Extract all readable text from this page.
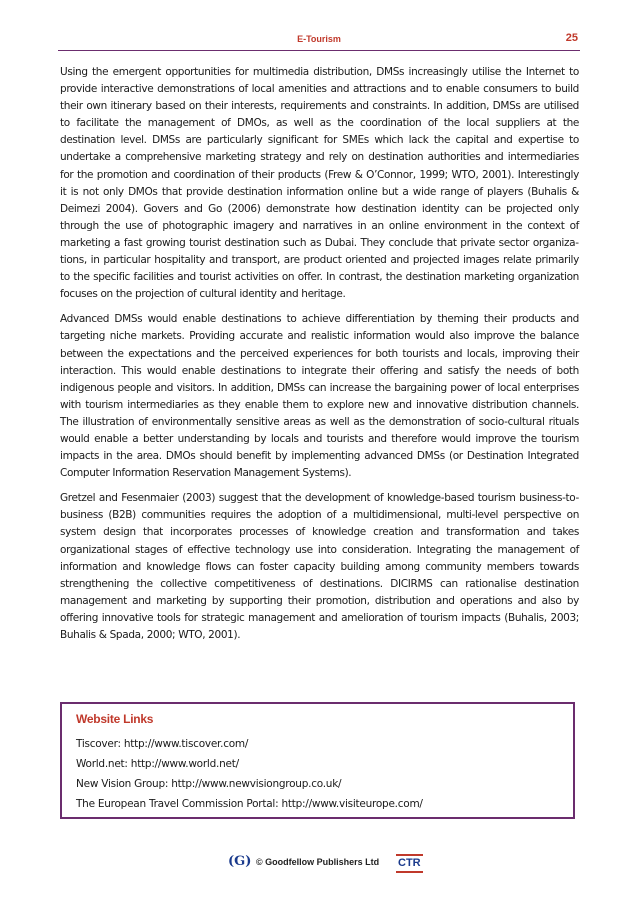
E-Tourism	25

Using the emergent opportunities for multimedia distribution, DMSs increasingly utilise the Internet to provide interactive demonstrations of local amenities and attractions and to enable consumers to build their own itinerary based on their interests, requirements and constraints. In addition, DMSs are utilised to facilitate the management of DMOs, as well as the coordination of the local suppliers at the destination level. DMSs are particularly significant for SMEs which lack the capital and expertise to undertake a comprehensive marketing strategy and rely on destination authorities and intermediaries for the promotion and coordination of their products (Frew & O’Connor, 1999; WTO, 2001). Interestingly it is not only DMOs that provide destination information online but a wide range of players (Buhalis & Deimezi 2004). Govers and Go (2006) demonstrate how destination identity can be projected only through the use of photographic imagery and narratives in an online environment in the context of marketing a fast growing tourist destination such as Dubai. They conclude that private sector organizations, in particular hospitality and transport, are product oriented and projected images relate primarily to the specific facilities and tourist activities on offer. In contrast, the destination marketing organization focuses on the projection of cultural identity and heritage.

Advanced DMSs would enable destinations to achieve differentiation by theming their products and targeting niche markets. Providing accurate and realistic information would also improve the balance between the expectations and the perceived experiences for both tourists and locals, improving their interaction. This would enable destinations to integrate their offering and satisfy the needs of both indigenous people and visitors. In addition, DMSs can increase the bargaining power of local enterprises with tourism intermediaries as they enable them to explore new and innovative distribution channels. The illustration of environmentally sensitive areas as well as the demonstration of socio-cultural rituals would enable a better understanding by locals and tourists and therefore would improve the tourism impacts in the area. DMOs should benefit by implementing advanced DMSs (or Destination Integrated Computer Information Reservation Management Systems).

Gretzel and Fesenmaier (2003) suggest that the development of knowledge-based tourism business-to-business (B2B) communities requires the adoption of a multidimensional, multi-level perspective on system design that incorporates processes of knowledge creation and transformation and takes organizational stages of effective technology use into consideration. Integrating the management of information and knowledge flows can foster capacity building among community members towards strengthening the collective competitiveness of destinations. DICIRMS can rationalise destination management and marketing by supporting their promotion, distribution and operations and also by offering innovative tools for strategic management and amelioration of tourism impacts (Buhalis, 2003; Buhalis & Spada, 2000; WTO, 2001).

Website Links

Tiscover: http://www.tiscover.com/

World.net: http://www.world.net/

New Vision Group: http://www.newvisiongroup.co.uk/

The European Travel Commission Portal: http://www.visiteurope.com/

(G) © Goodfellow Publishers Ltd CTR
